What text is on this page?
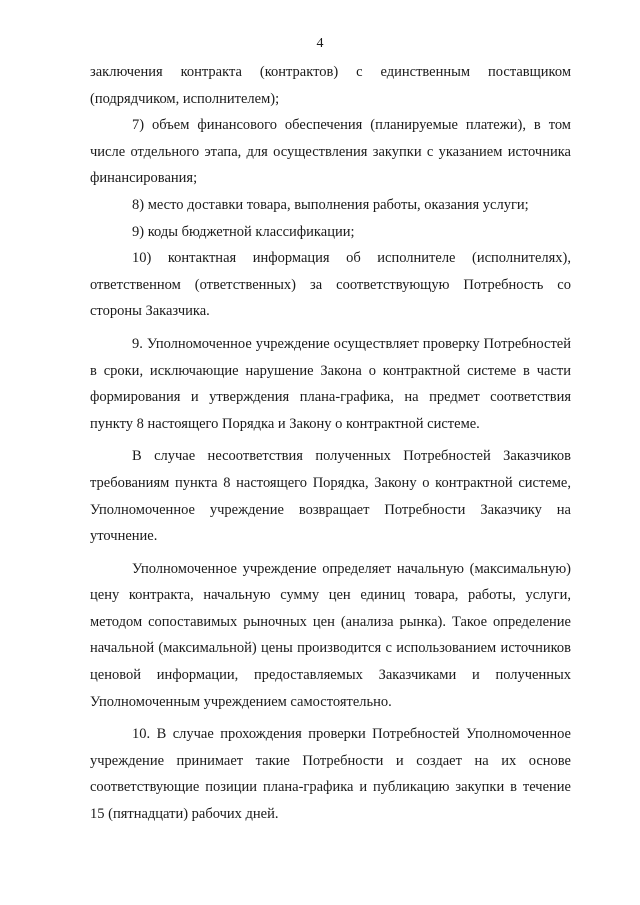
4

заключения контракта (контрактов) с единственным поставщиком (подрядчиком, исполнителем);

7) объем финансового обеспечения (планируемые платежи), в том числе отдельного этапа, для осуществления закупки с указанием источника финансирования;

8) место доставки товара, выполнения работы, оказания услуги;

9) коды бюджетной классификации;

10) контактная информация об исполнителе (исполнителях), ответственном (ответственных) за соответствующую Потребность со стороны Заказчика.

9. Уполномоченное учреждение осуществляет проверку Потребностей в сроки, исключающие нарушение Закона о контрактной системе в части формирования и утверждения плана-графика, на предмет соответствия пункту 8 настоящего Порядка и Закону о контрактной системе.

В случае несоответствия полученных Потребностей Заказчиков требованиям пункта 8 настоящего Порядка, Закону о контрактной системе, Уполномоченное учреждение возвращает Потребности Заказчику на уточнение.

Уполномоченное учреждение определяет начальную (максимальную) цену контракта, начальную сумму цен единиц товара, работы, услуги, методом сопоставимых рыночных цен (анализа рынка). Такое определение начальной (максимальной) цены производится с использованием источников ценовой информации, предоставляемых Заказчиками и полученных Уполномоченным учреждением самостоятельно.

10. В случае прохождения проверки Потребностей Уполномоченное учреждение принимает такие Потребности и создает на их основе соответствующие позиции плана-графика и публикацию закупки в течение 15 (пятнадцати) рабочих дней.
